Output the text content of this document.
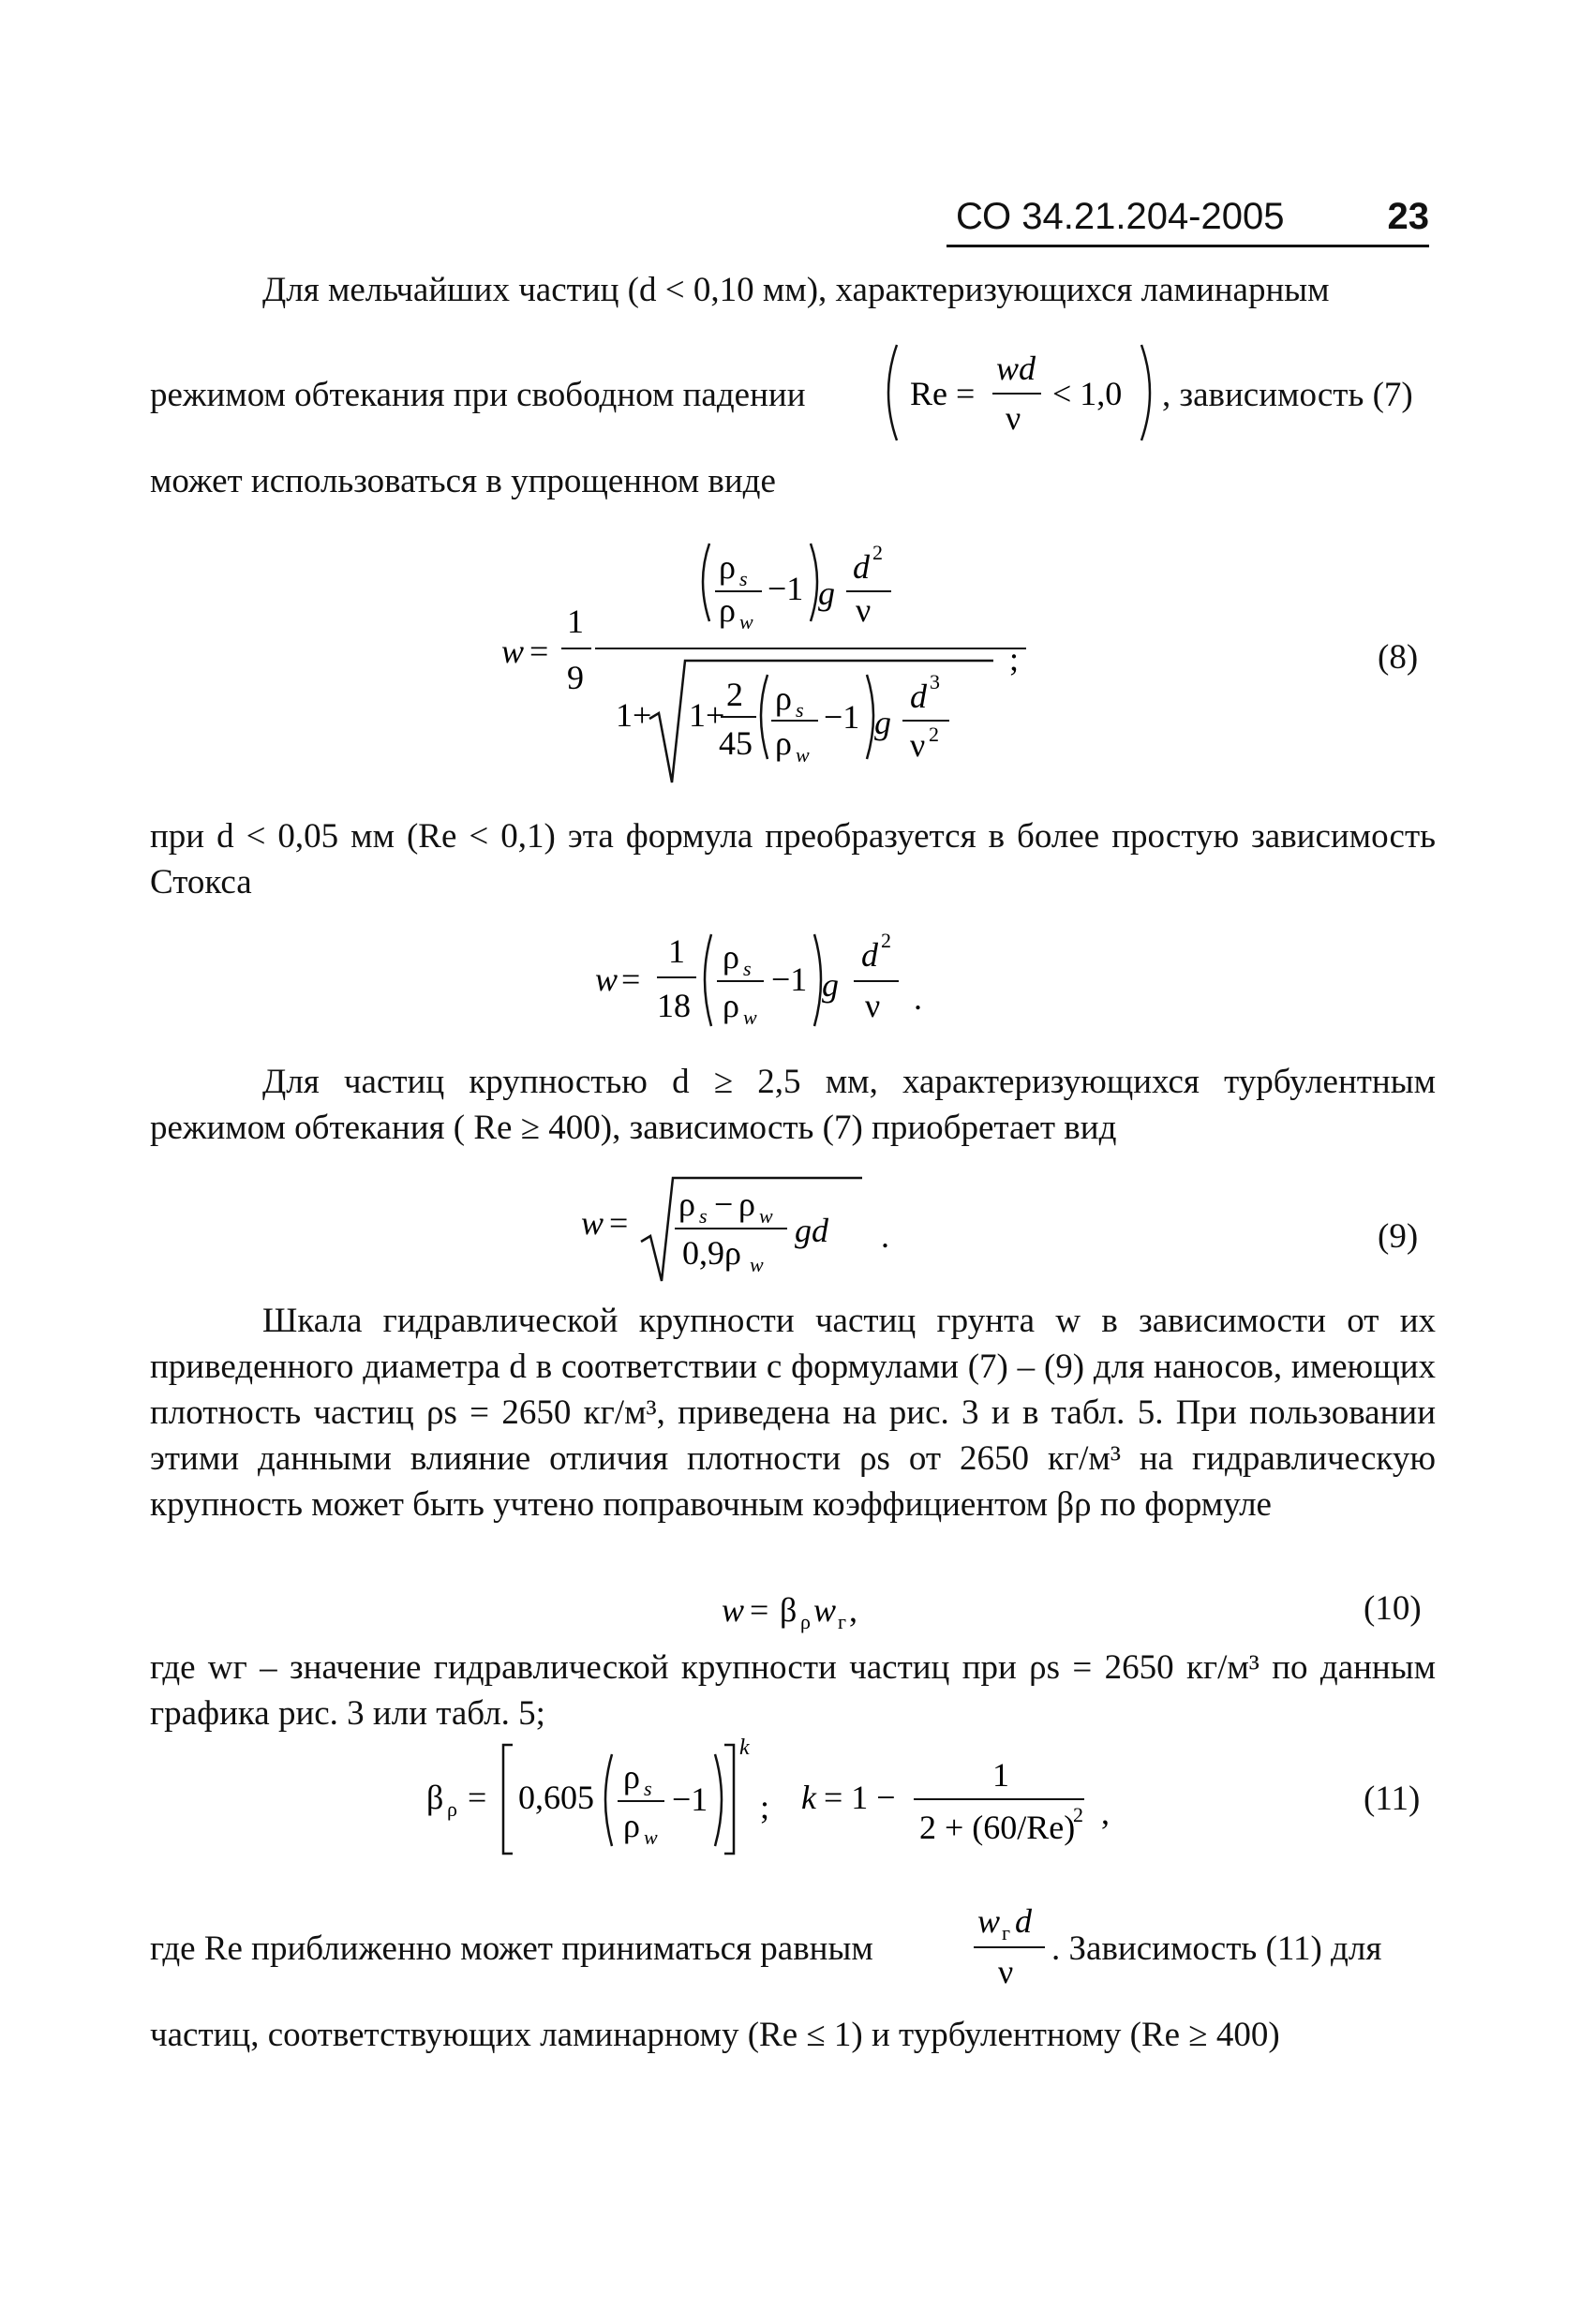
СО 34.21.204-2005	23
Для мельчайших частиц (d < 0,10 мм), характеризующихся ламинарным
режимом обтекания при свободном падении	Re =
wd
ν
< 1,0 , зависимость (7)
может использоваться в упрощенном виде
w =
1
9
ρ s
ρ w
−1 g
d 2
ν
1+ 1+
2
45
ρ s
ρ w
−1 g
d 3
ν 2
;	(8)

при d < 0,05 мм (Re < 0,1) эта формула преобразуется в более простую зависимость Стокса

w =
1
18
ρ s
ρ w
−1 g
d 2
ν .

Для частиц крупностью d ≥ 2,5 мм, характеризующихся турбулентным режимом обтекания ( Re ≥ 400), зависимость (7) приобретает вид

w = ρ s − ρ w
0,9ρ w
gd .	(9)

Шкала гидравлической крупности частиц грунта w в зависимости от их приведенного диаметра d в соответствии с формулами (7) – (9) для наносов, имеющих плотность частиц ρs = 2650 кг/м³, приведена на рис. 3 и в табл. 5. При пользовании этими данными влияние отличия плотности ρs от 2650 кг/м³ на гидравлическую крупность может быть учтено поправочным коэффициентом βρ по формуле

w = β ρ w г ,	(10)

где wг – значение гидравлической крупности частиц при ρs = 2650 кг/м³ по данным графика рис. 3 или табл. 5;

β ρ = 0,605
ρ s
ρ w
−1
k
; k = 1 −
1
2 + (60/Re)
2 ,	(11)
где Re приближенно может приниматься равным
w г d
ν
. Зависимость (11) для
частиц, соответствующих ламинарному (Re ≤ 1) и турбулентному (Re ≥ 400)
